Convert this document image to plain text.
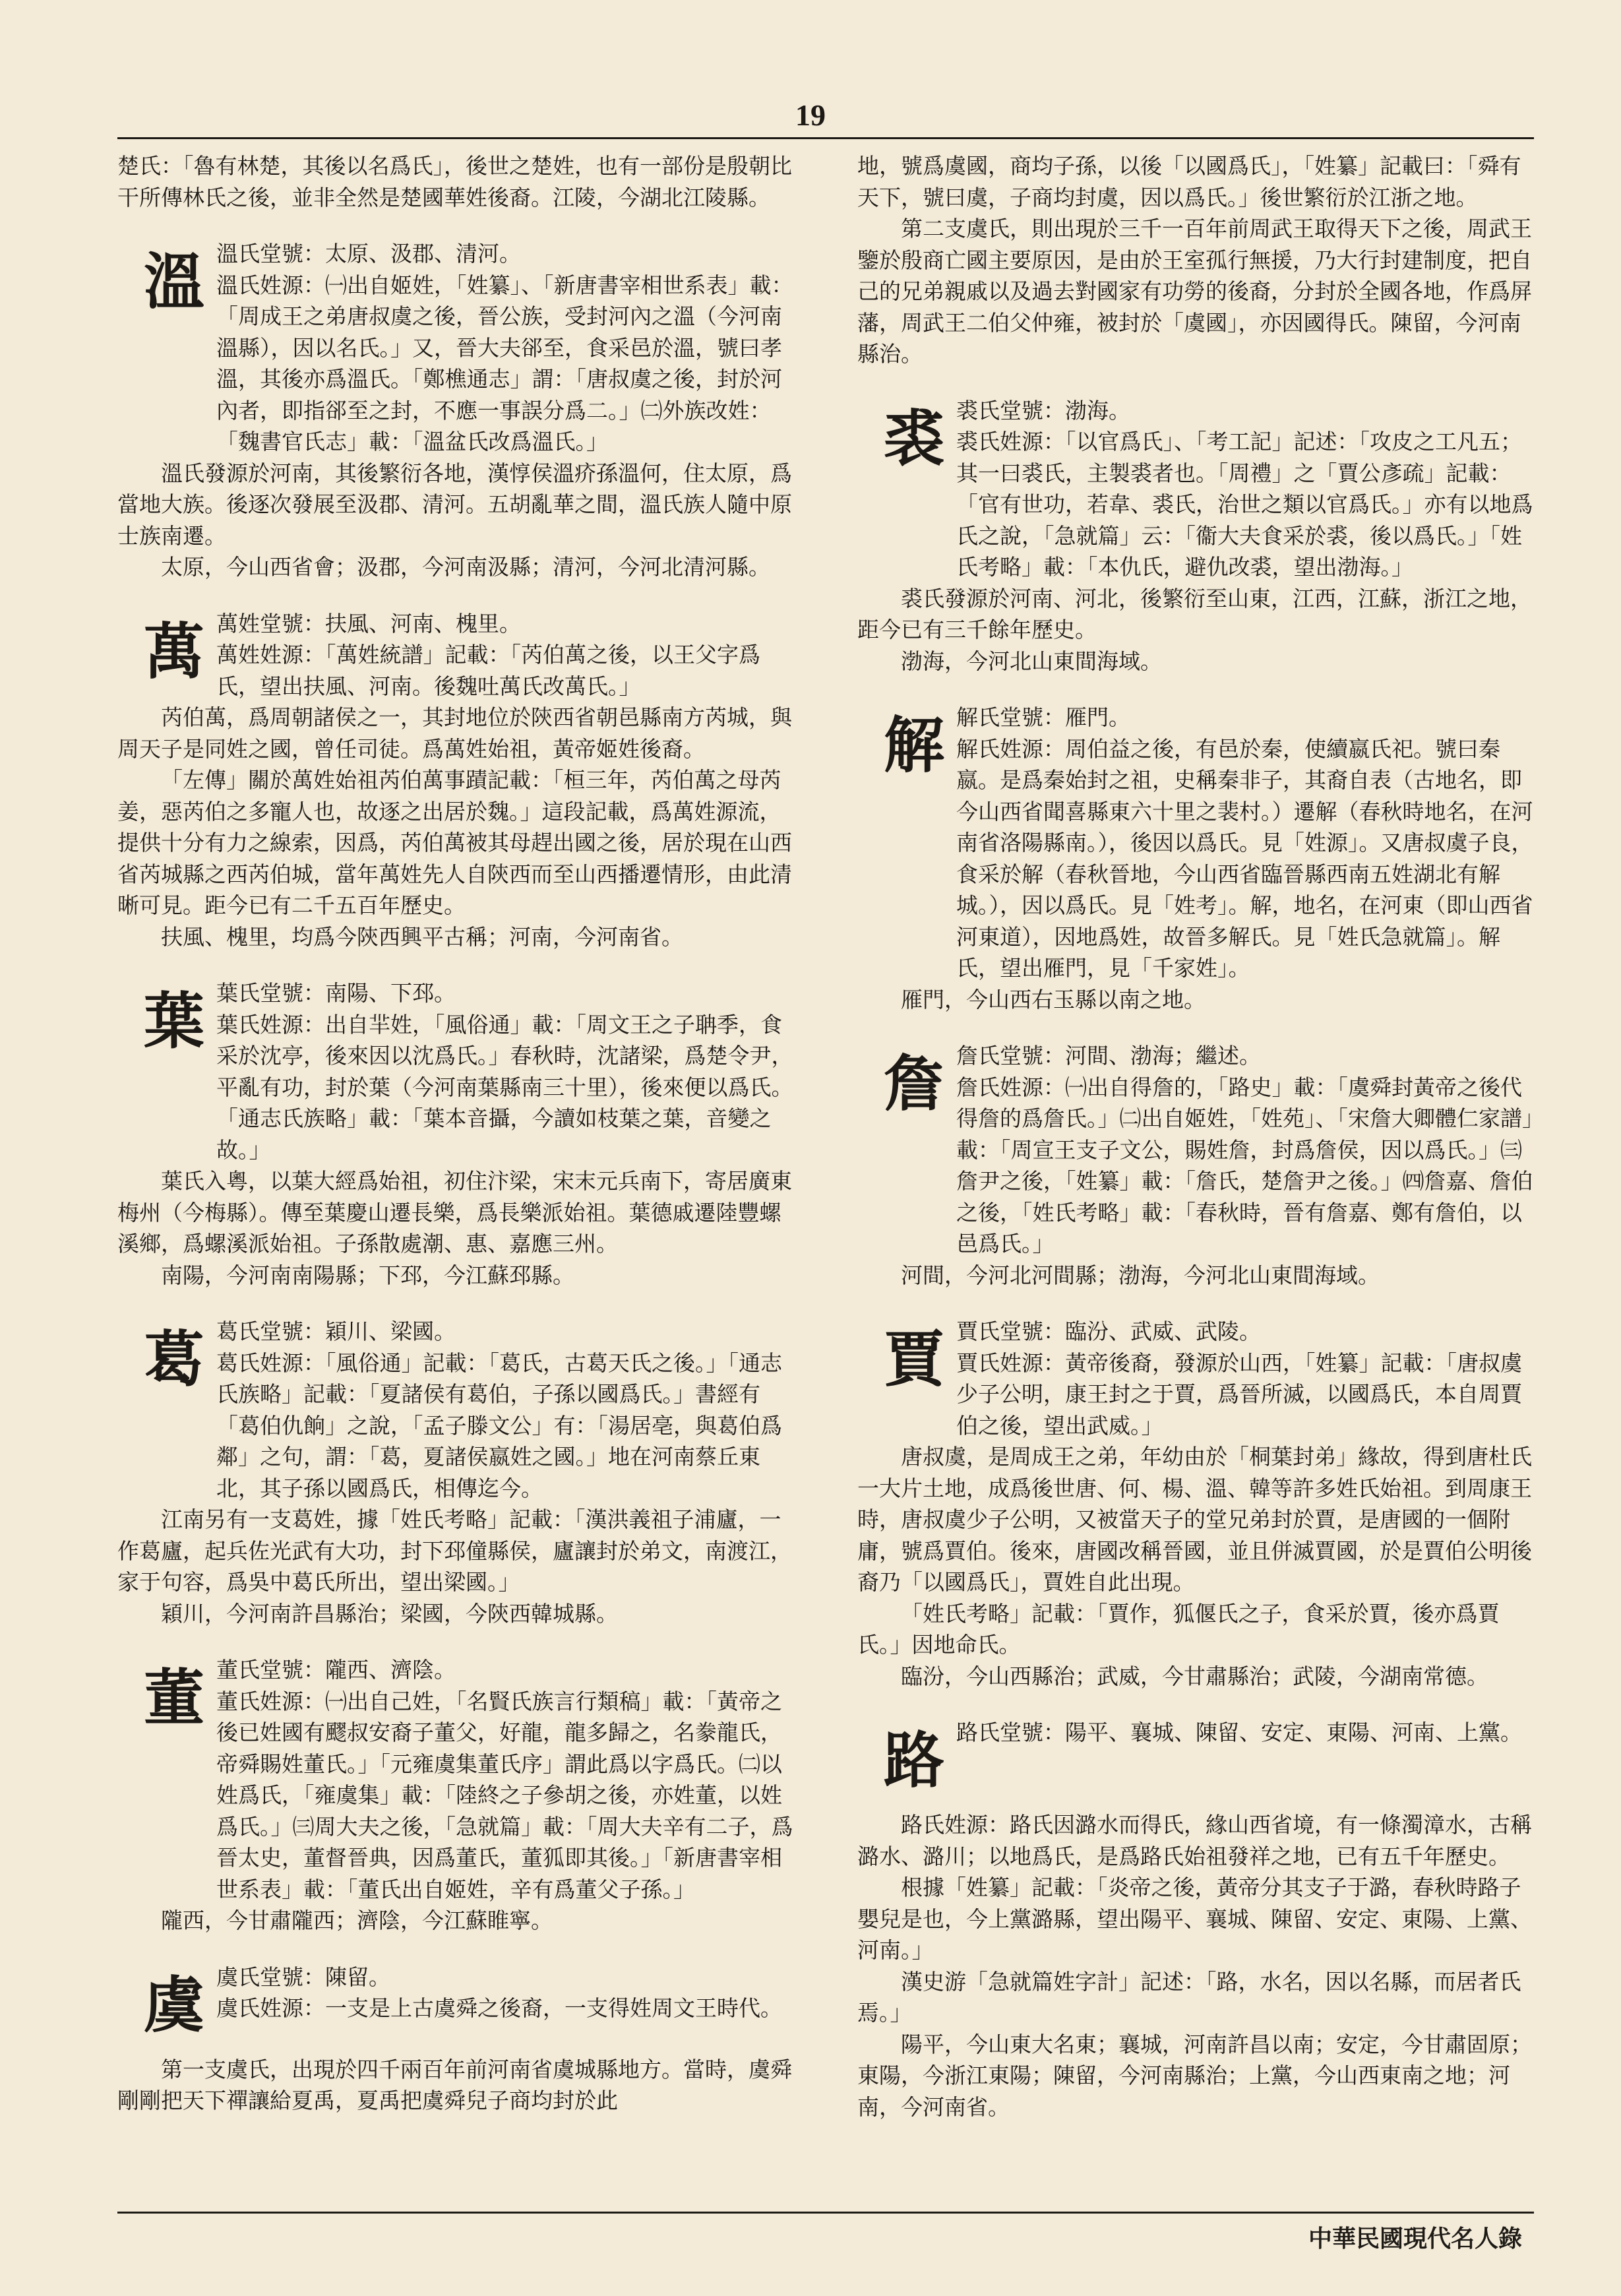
19

楚氏：「魯有林楚，其後以名爲氏」，後世之楚姓，也有一部份是殷朝比干所傳林氏之後，並非全然是楚國華姓後裔。江陵，今湖北江陵縣。

溫 溫氏堂號：太原、汲郡、清河。

溫氏姓源：㈠出自姬姓，「姓纂」、「新唐書宰相世系表」載：「周成王之弟唐叔虞之後，晉公族，受封河內之溫（今河南溫縣），因以名氏。」又，晉大夫郤至，食采邑於溫，號曰孝溫，其後亦爲溫氏。「鄭樵通志」謂：「唐叔虞之後，封於河內者，即指郤至之封，不應一事誤分爲二。」㈡外族改姓：「魏書官氏志」載：「溫盆氏改爲溫氏。」

溫氏發源於河南，其後繁衍各地，漢惇侯溫疥孫溫何，住太原，爲當地大族。後逐次發展至汲郡、清河。五胡亂華之間，溫氏族人隨中原士族南遷。

太原，今山西省會；汲郡，今河南汲縣；清河，今河北清河縣。

萬 萬姓堂號：扶風、河南、槐里。

萬姓姓源：「萬姓統譜」記載：「芮伯萬之後，以王父字爲氏，望出扶風、河南。後魏吐萬氏改萬氏。」

芮伯萬，爲周朝諸侯之一，其封地位於陝西省朝邑縣南方芮城，與周天子是同姓之國，曾任司徒。爲萬姓始祖，黃帝姬姓後裔。

「左傳」關於萬姓始祖芮伯萬事蹟記載：「桓三年，芮伯萬之母芮姜，惡芮伯之多寵人也，故逐之出居於魏。」這段記載，爲萬姓源流，提供十分有力之線索，因爲，芮伯萬被其母趕出國之後，居於現在山西省芮城縣之西芮伯城，當年萬姓先人自陝西而至山西播遷情形，由此清晰可見。距今已有二千五百年歷史。

扶風、槐里，均爲今陝西興平古稱；河南，今河南省。

葉 葉氏堂號：南陽、下邳。

葉氏姓源：出自羋姓，「風俗通」載：「周文王之子聃季，食采於沈亭，後來因以沈爲氏。」春秋時，沈諸梁，爲楚令尹，平亂有功，封於葉（今河南葉縣南三十里），後來便以爲氏。「通志氏族略」載：「葉本音攝，今讀如枝葉之葉，音變之故。」

葉氏入粵，以葉大經爲始祖，初住汴梁，宋末元兵南下，寄居廣東梅州（今梅縣）。傳至葉慶山遷長樂，爲長樂派始祖。葉德戚遷陸豐螺溪鄉，爲螺溪派始祖。子孫散處潮、惠、嘉應三州。

南陽，今河南南陽縣；下邳，今江蘇邳縣。

葛 葛氏堂號：穎川、梁國。

葛氏姓源：「風俗通」記載：「葛氏，古葛天氏之後。」「通志氏族略」記載：「夏諸侯有葛伯，子孫以國爲氏。」書經有「葛伯仇餉」之說，「孟子滕文公」有：「湯居亳，與葛伯爲鄰」之句，謂：「葛，夏諸侯嬴姓之國。」地在河南蔡丘東北，其子孫以國爲氏，相傳迄今。

江南另有一支葛姓，據「姓氏考略」記載：「漢洪義祖子浦廬，一作葛廬，起兵佐光武有大功，封下邳僮縣侯，廬讓封於弟文，南渡江，家于句容，爲吳中葛氏所出，望出梁國。」

穎川，今河南許昌縣治；梁國，今陝西韓城縣。

董 董氏堂號：隴西、濟陰。

董氏姓源：㈠出自己姓，「名賢氏族言行類稿」載：「黃帝之後已姓國有飂叔安裔子董父，好龍，龍多歸之，名豢龍氏，帝舜賜姓董氏。」「元雍虞集董氏序」謂此爲以字爲氏。㈡以姓爲氏，「雍虞集」載：「陸終之子參胡之後，亦姓董，以姓爲氏。」㈢周大夫之後，「急就篇」載：「周大夫辛有二子，爲晉太史，董督晉典，因爲董氏，董狐即其後。」「新唐書宰相世系表」載：「董氏出自姬姓，辛有爲董父子孫。」

隴西，今甘肅隴西；濟陰，今江蘇睢寧。

虞 虞氏堂號：陳留。

虞氏姓源：一支是上古虞舜之後裔，一支得姓周文王時代。

第一支虞氏，出現於四千兩百年前河南省虞城縣地方。當時，虞舜剛剛把天下禪讓給夏禹，夏禹把虞舜兒子商均封於此

地，號爲虞國，商均子孫，以後「以國爲氏」，「姓纂」記載曰：「舜有天下，號曰虞，子商均封虞，因以爲氏。」後世繁衍於江浙之地。

第二支虞氏，則出現於三千一百年前周武王取得天下之後，周武王鑒於殷商亡國主要原因，是由於王室孤行無援，乃大行封建制度，把自己的兄弟親戚以及過去對國家有功勞的後裔，分封於全國各地，作爲屏藩，周武王二伯父仲雍，被封於「虞國」，亦因國得氏。陳留，今河南縣治。

裘 裘氏堂號：渤海。

裘氏姓源：「以官爲氏」、「考工記」記述：「攻皮之工凡五；其一曰裘氏，主製裘者也。「周禮」之「賈公彥疏」記載：「官有世功，若韋、裘氏，治世之類以官爲氏。」亦有以地爲氏之說，「急就篇」云：「衞大夫食采於裘，後以爲氏。」「姓氏考略」載：「本仇氏，避仇改裘，望出渤海。」

裘氏發源於河南、河北，後繁衍至山東，江西，江蘇，浙江之地，距今已有三千餘年歷史。

渤海，今河北山東間海域。

解 解氏堂號：雁門。

解氏姓源：周伯益之後，有邑於秦，使續嬴氏祀。號曰秦嬴。是爲秦始封之祖，史稱秦非子，其裔自表（古地名，即今山西省聞喜縣東六十里之裴村。）遷解（春秋時地名，在河南省洛陽縣南。），後因以爲氏。見「姓源」。又唐叔虞子良，食采於解（春秋晉地，今山西省臨晉縣西南五姓湖北有解城。），因以爲氏。見「姓考」。解，地名，在河東（即山西省河東道），因地爲姓，故晉多解氏。見「姓氏急就篇」。解氏，望出雁門，見「千家姓」。

雁門，今山西右玉縣以南之地。

詹 詹氏堂號：河間、渤海；繼述。

詹氏姓源：㈠出自得詹的，「路史」載：「虞舜封黃帝之後代得詹的爲詹氏。」㈡出自姬姓，「姓苑」、「宋詹大卿體仁家譜」載：「周宣王支子文公，賜姓詹，封爲詹侯，因以爲氏。」㈢詹尹之後，「姓纂」載：「詹氏，楚詹尹之後。」㈣詹嘉、詹伯之後，「姓氏考略」載：「春秋時，晉有詹嘉、鄭有詹伯，以邑爲氏。」

河間，今河北河間縣；渤海，今河北山東間海域。

賈 賈氏堂號：臨汾、武威、武陵。

賈氏姓源：黃帝後裔，發源於山西，「姓纂」記載：「唐叔虞少子公明，康王封之于賈，爲晉所滅，以國爲氏，本自周賈伯之後，望出武威。」

唐叔虞，是周成王之弟，年幼由於「桐葉封弟」緣故，得到唐杜氏一大片土地，成爲後世唐、何、楊、溫、韓等許多姓氏始祖。到周康王時，唐叔虞少子公明，又被當天子的堂兄弟封於賈，是唐國的一個附庸，號爲賈伯。後來，唐國改稱晉國，並且併滅賈國，於是賈伯公明後裔乃「以國爲氏」，賈姓自此出現。

「姓氏考略」記載：「賈作，狐偃氏之子，食采於賈，後亦爲賈氏。」因地命氏。

臨汾，今山西縣治；武威，今甘肅縣治；武陵，今湖南常德。

路 路氏堂號：陽平、襄城、陳留、安定、東陽、河南、上黨。

路氏姓源：路氏因潞水而得氏，緣山西省境，有一條濁漳水，古稱潞水、潞川；以地爲氏，是爲路氏始祖發祥之地，已有五千年歷史。

根據「姓纂」記載：「炎帝之後，黃帝分其支子于潞，春秋時路子嬰兒是也，今上黨潞縣，望出陽平、襄城、陳留、安定、東陽、上黨、河南。」

漢史游「急就篇姓字計」記述：「路，水名，因以名縣，而居者氏焉。」

陽平，今山東大名東；襄城，河南許昌以南；安定，今甘肅固原；東陽，今浙江東陽；陳留，今河南縣治；上黨，今山西東南之地；河南，今河南省。

中華民國現代名人錄
